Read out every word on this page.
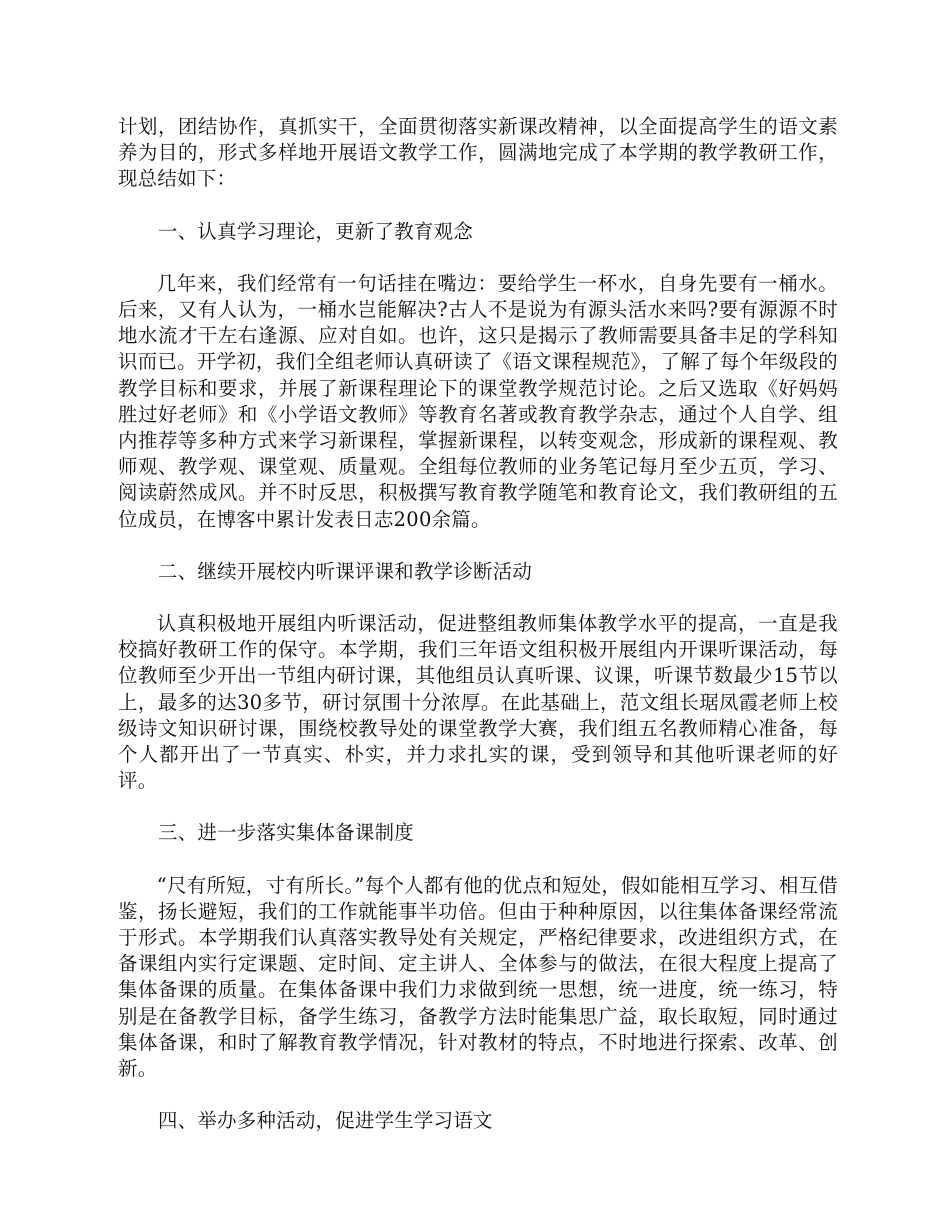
计划，团结协作，真抓实干，全面贯彻落实新课改精神，以全面提高学生的语文素养为目的，形式多样地开展语文教学工作，圆满地完成了本学期的教学教研工作，现总结如下：

一、认真学习理论，更新了教育观念

几年来，我们经常有一句话挂在嘴边：要给学生一杯水，自身先要有一桶水。后来，又有人认为，一桶水岂能解决?古人不是说为有源头活水来吗?要有源源不时地水流才干左右逢源、应对自如。也许，这只是揭示了教师需要具备丰足的学科知识而已。开学初，我们全组老师认真研读了《语文课程规范》，了解了每个年级段的教学目标和要求，并展了新课程理论下的课堂教学规范讨论。之后又选取《好妈妈胜过好老师》和《小学语文教师》等教育名著或教育教学杂志，通过个人自学、组内推荐等多种方式来学习新课程，掌握新课程，以转变观念，形成新的课程观、教师观、教学观、课堂观、质量观。全组每位教师的业务笔记每月至少五页，学习、阅读蔚然成风。并不时反思，积极撰写教育教学随笔和教育论文，我们教研组的五位成员，在博客中累计发表日志200余篇。

二、继续开展校内听课评课和教学诊断活动

认真积极地开展组内听课活动，促进整组教师集体教学水平的提高，一直是我校搞好教研工作的保守。本学期，我们三年语文组积极开展组内开课听课活动，每位教师至少开出一节组内研讨课，其他组员认真听课、议课，听课节数最少15节以上，最多的达30多节，研讨氛围十分浓厚。在此基础上，范文组长琚凤霞老师上校级诗文知识研讨课，围绕校教导处的课堂教学大赛，我们组五名教师精心准备，每个人都开出了一节真实、朴实，并力求扎实的课，受到领导和其他听课老师的好评。

三、进一步落实集体备课制度

“尺有所短，寸有所长。”每个人都有他的优点和短处，假如能相互学习、相互借鉴，扬长避短，我们的工作就能事半功倍。但由于种种原因，以往集体备课经常流于形式。本学期我们认真落实教导处有关规定，严格纪律要求，改进组织方式，在备课组内实行定课题、定时间、定主讲人、全体参与的做法，在很大程度上提高了集体备课的质量。在集体备课中我们力求做到统一思想，统一进度，统一练习，特别是在备教学目标，备学生练习，备教学方法时能集思广益，取长取短，同时通过集体备课，和时了解教育教学情况，针对教材的特点，不时地进行探索、改革、创新。

四、举办多种活动，促进学生学习语文
